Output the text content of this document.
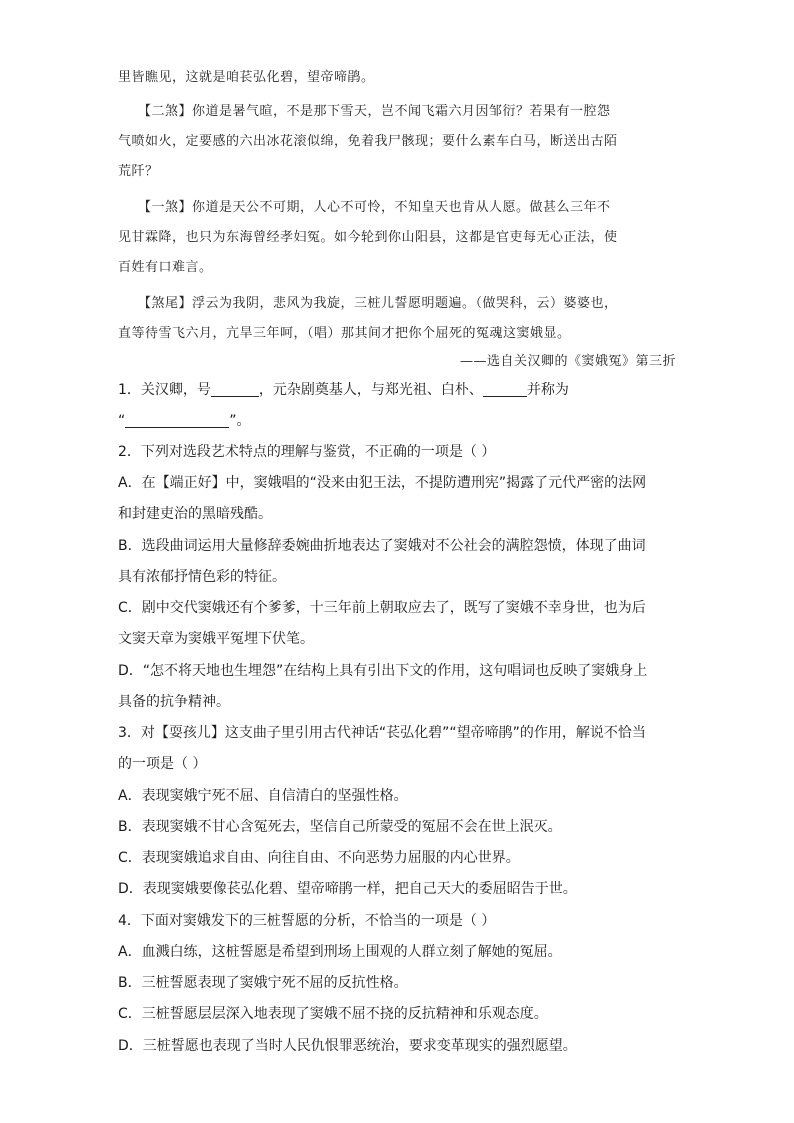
里皆瞧见，这就是咱苌弘化碧，望帝啼鹃。
【二煞】你道是暑气暄，不是那下雪天，岂不闻飞霜六月因邹衍？若果有一腔怨
气喷如火，定要感的六出冰花滚似绵，免着我尸骸现；要什么素车白马，断送出古陌
荒阡？
【一煞】你道是天公不可期，人心不可怜，不知皇天也肯从人愿。做甚么三年不
见甘霖降，也只为东海曾经孝妇冤。如今轮到你山阳县，这都是官吏每无心正法，使
百姓有口难言。
【煞尾】浮云为我阴，悲风为我旋，三桩儿誓愿明题遍。（做哭科，云）婆婆也，
直等待雪飞六月，亢旱三年呵，（唱）那其间才把你个屈死的冤魂这窦娥显。
——选自关汉卿的《窦娥冤》第三折
1．关汉卿，号	，元杂剧奠基人，与郑光祖、白朴、	并称为
“	”。
2．下列对选段艺术特点的理解与鉴赏，不正确的一项是（ ）
A．在【端正好】中，窦娥唱的“没来由犯王法，不提防遭刑宪”揭露了元代严密的法网
和封建吏治的黑暗残酷。
B．选段曲词运用大量修辞委婉曲折地表达了窦娥对不公社会的满腔怨愤，体现了曲词
具有浓郁抒情色彩的特征。
C．剧中交代窦娥还有个爹爹，十三年前上朝取应去了，既写了窦娥不幸身世，也为后
文窦天章为窦娥平冤埋下伏笔。
D．“怎不将天地也生埋怨”在结构上具有引出下文的作用，这句唱词也反映了窦娥身上
具备的抗争精神。
3．对【耍孩儿】这支曲子里引用古代神话“苌弘化碧”“望帝啼鹃”的作用，解说不恰当
的一项是（ ）
A．表现窦娥宁死不屈、自信清白的坚强性格。
B．表现窦娥不甘心含冤死去，坚信自己所蒙受的冤屈不会在世上泯灭。
C．表现窦娥追求自由、向往自由、不向恶势力屈服的内心世界。
D．表现窦娥要像苌弘化碧、望帝啼鹃一样，把自己天大的委屈昭告于世。
4．下面对窦娥发下的三桩誓愿的分析，不恰当的一项是（ ）
A．血溅白练，这桩誓愿是希望到刑场上围观的人群立刻了解她的冤屈。
B．三桩誓愿表现了窦娥宁死不屈的反抗性格。
C．三桩誓愿层层深入地表现了窦娥不屈不挠的反抗精神和乐观态度。
D．三桩誓愿也表现了当时人民仇恨罪恶统治，要求变革现实的强烈愿望。
